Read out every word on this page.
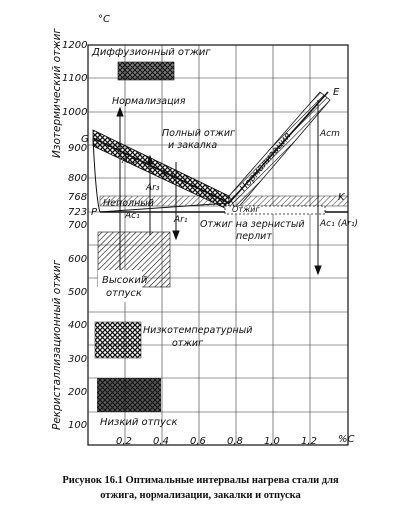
°C
%C
1200
1100
1000
900
800
768
723
700
600
500
400
300
200
100
0,2 0,4 0,6 0,8 1,0 1,2
Изотермический отжиг
Рекристаллизационный отжиг
Диффузионный отжиг
Отжиг
Высокий
отпуск
Низкотемпературный
отжиг
Низкий отпуск
Нормализация
Полный отжиг
и закалка
Неполный
Нормализация
Отжиг на зернистый
перлит
G
P
K
E
Ac₃
Ac₁
Ar₃
Ar₁
Ar₃
Acm
Ac₁ (Ar₁)
Рисунок 16.1 Оптимальные интервалы нагрева стали для
отжига, нормализации, закалки и отпуска
